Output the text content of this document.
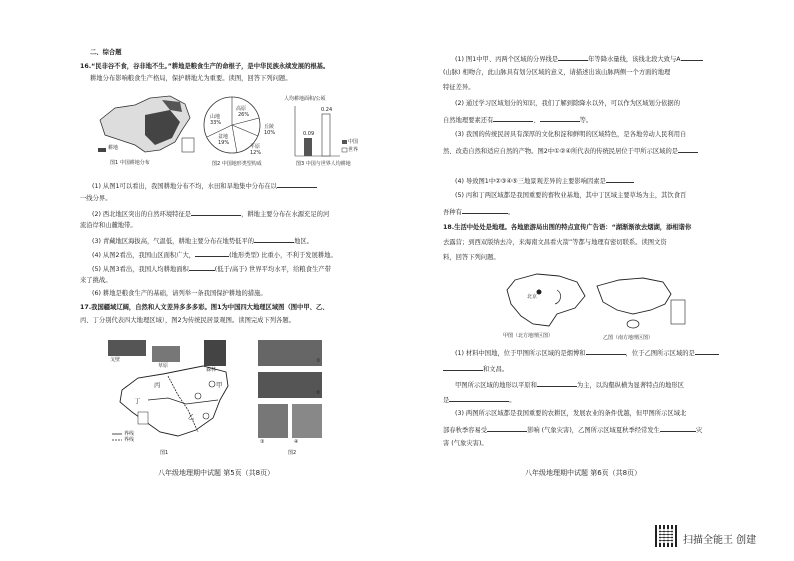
二、综合题
16.“民非谷不食，谷非地不生。”耕地是粮食生产的命根子，是中华民族永续发展的根基。
耕地分布影响粮食生产格局，保护耕地尤为重要。读图，回答下列问题。
耕地
图1 中国耕地分布
高原
26%
山地
33%
盆地
19%
丘陵
10%
平原
12%
图2 中国地形类型构成
人均耕地面积/公顷
0.09
0.24
中国
世界
图3 中国与世界人均耕地
(1) 从图1可以看出，我国耕地分布不均，水田和旱地集中分布在以
一线分界。
(2) 西北地区突出的自然环境特征是	，耕地主要分布在水源充足的河
流沿岸和山麓地带。
(3) 青藏地区海拔高，气温低，耕地主要分布在地势低平的	地区。
(4) 从图2看出，我国山区面积广大，	(地形类型) 比重小，不利于发展耕地。
(5) 从图3看出，我国人均耕地面积	(低于/高于) 世界平均水平，给粮食生产带
来了挑战。
(6) 耕地是粮食生产的基础，请列举一条我国保护耕地的措施。
17.我国疆域辽阔，自然和人文差异多多多彩。图1为中国四大地理区域图（图中甲、乙、
丙、丁分别代表四大地理区域），图2为传统民居景观图。读图完成下列各题。
戈壁
草原
森林
丙
丁
甲
乙
界线
界线
图1
①
②
③	④
图2
八年级地理期中试题 第5页（共8页）
(1) 图1中甲、丙两个区域的分界线是	年等降水量线，该线北段大致与A
(山脉) 相吻合，此山脉具有划分区域的意义，请描述出该山脉两侧一个方面的地理
特征差异。
(2) 通过学习区域划分的知识，我们了解到除降水以外，可以作为区域划分依据的
自然地理要素还有	、	等。
(3) 我国的传统民居具有深厚的文化积淀和鲜明的区域特色，是各地劳动人民利用自
然、改造自然和适应自然的产物。图2中①②④所代表的传统民居位于甲所示区域的是
(4) 导致图1中②③④⑤三地景观差异的主要影响因素是
(5) 丙和丁两区域都是我国重要的畜牧业基地，其中丁区域主要草场为主，其饮食百
吾种有	。
18.生活中处处是地理。各地旅游局出图的特点宣传广告语：“湖渐渐欲去烟湖，添相谐你
去露营；到西双版纳去冷，来海南文昌看火箭”等都与地理有密切联系。读图文资
料，回答下列问题。
北京
甲图（北方地理区图）	乙图（南方地理区图）
(1) 材料中国地，位于甲图所示区域的是烟博和	，位于乙图所示区域的是
和文昌。
甲图所示区域的地形以平原和	为主，以沟壑纵横为显著特点的地形区
是	。
(3) 两图所示区域都是我国重要的农耕区，发展农业的条件优越，但甲图所示区域北
部春秋季容易受	影响 (气象灾害)，乙图所示区域夏秋季经常发生	灾
害 (气象灾害)。
八年级地理期中试题 第6页（共8页）
扫描全能王 创建
